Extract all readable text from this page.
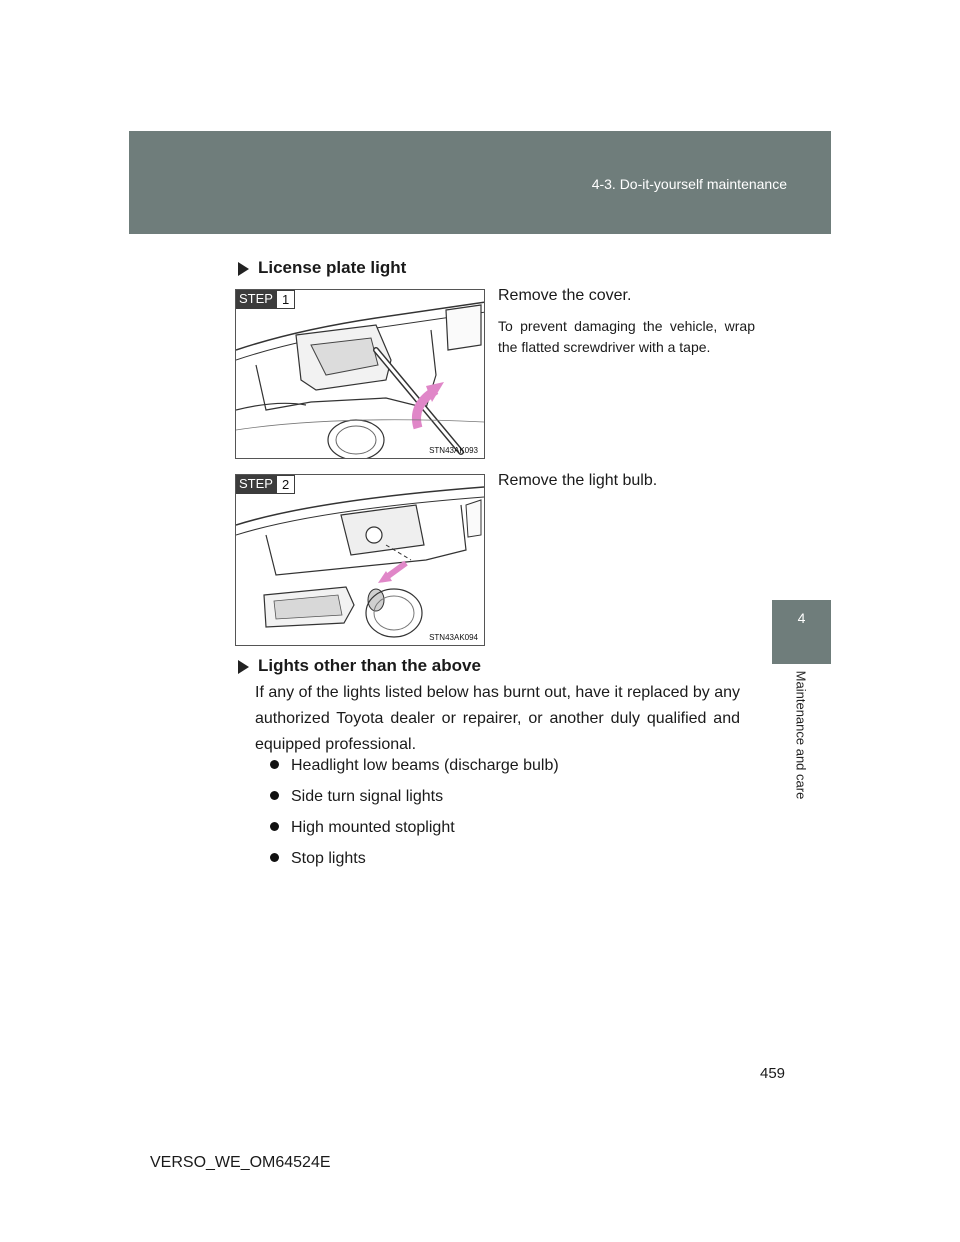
4-3. Do-it-yourself maintenance
4
Maintenance and care
License plate light
STEP 1
STN43AK093
Remove the cover.
To prevent damaging the vehicle, wrap the flatted screwdriver with a tape.
STEP 2
STN43AK094
Remove the light bulb.
Lights other than the above
If any of the lights listed below has burnt out, have it replaced by any authorized Toyota dealer or repairer, or another duly qualified and equipped professional.
Headlight low beams (discharge bulb)
Side turn signal lights
High mounted stoplight
Stop lights
459
VERSO_WE_OM64524E
